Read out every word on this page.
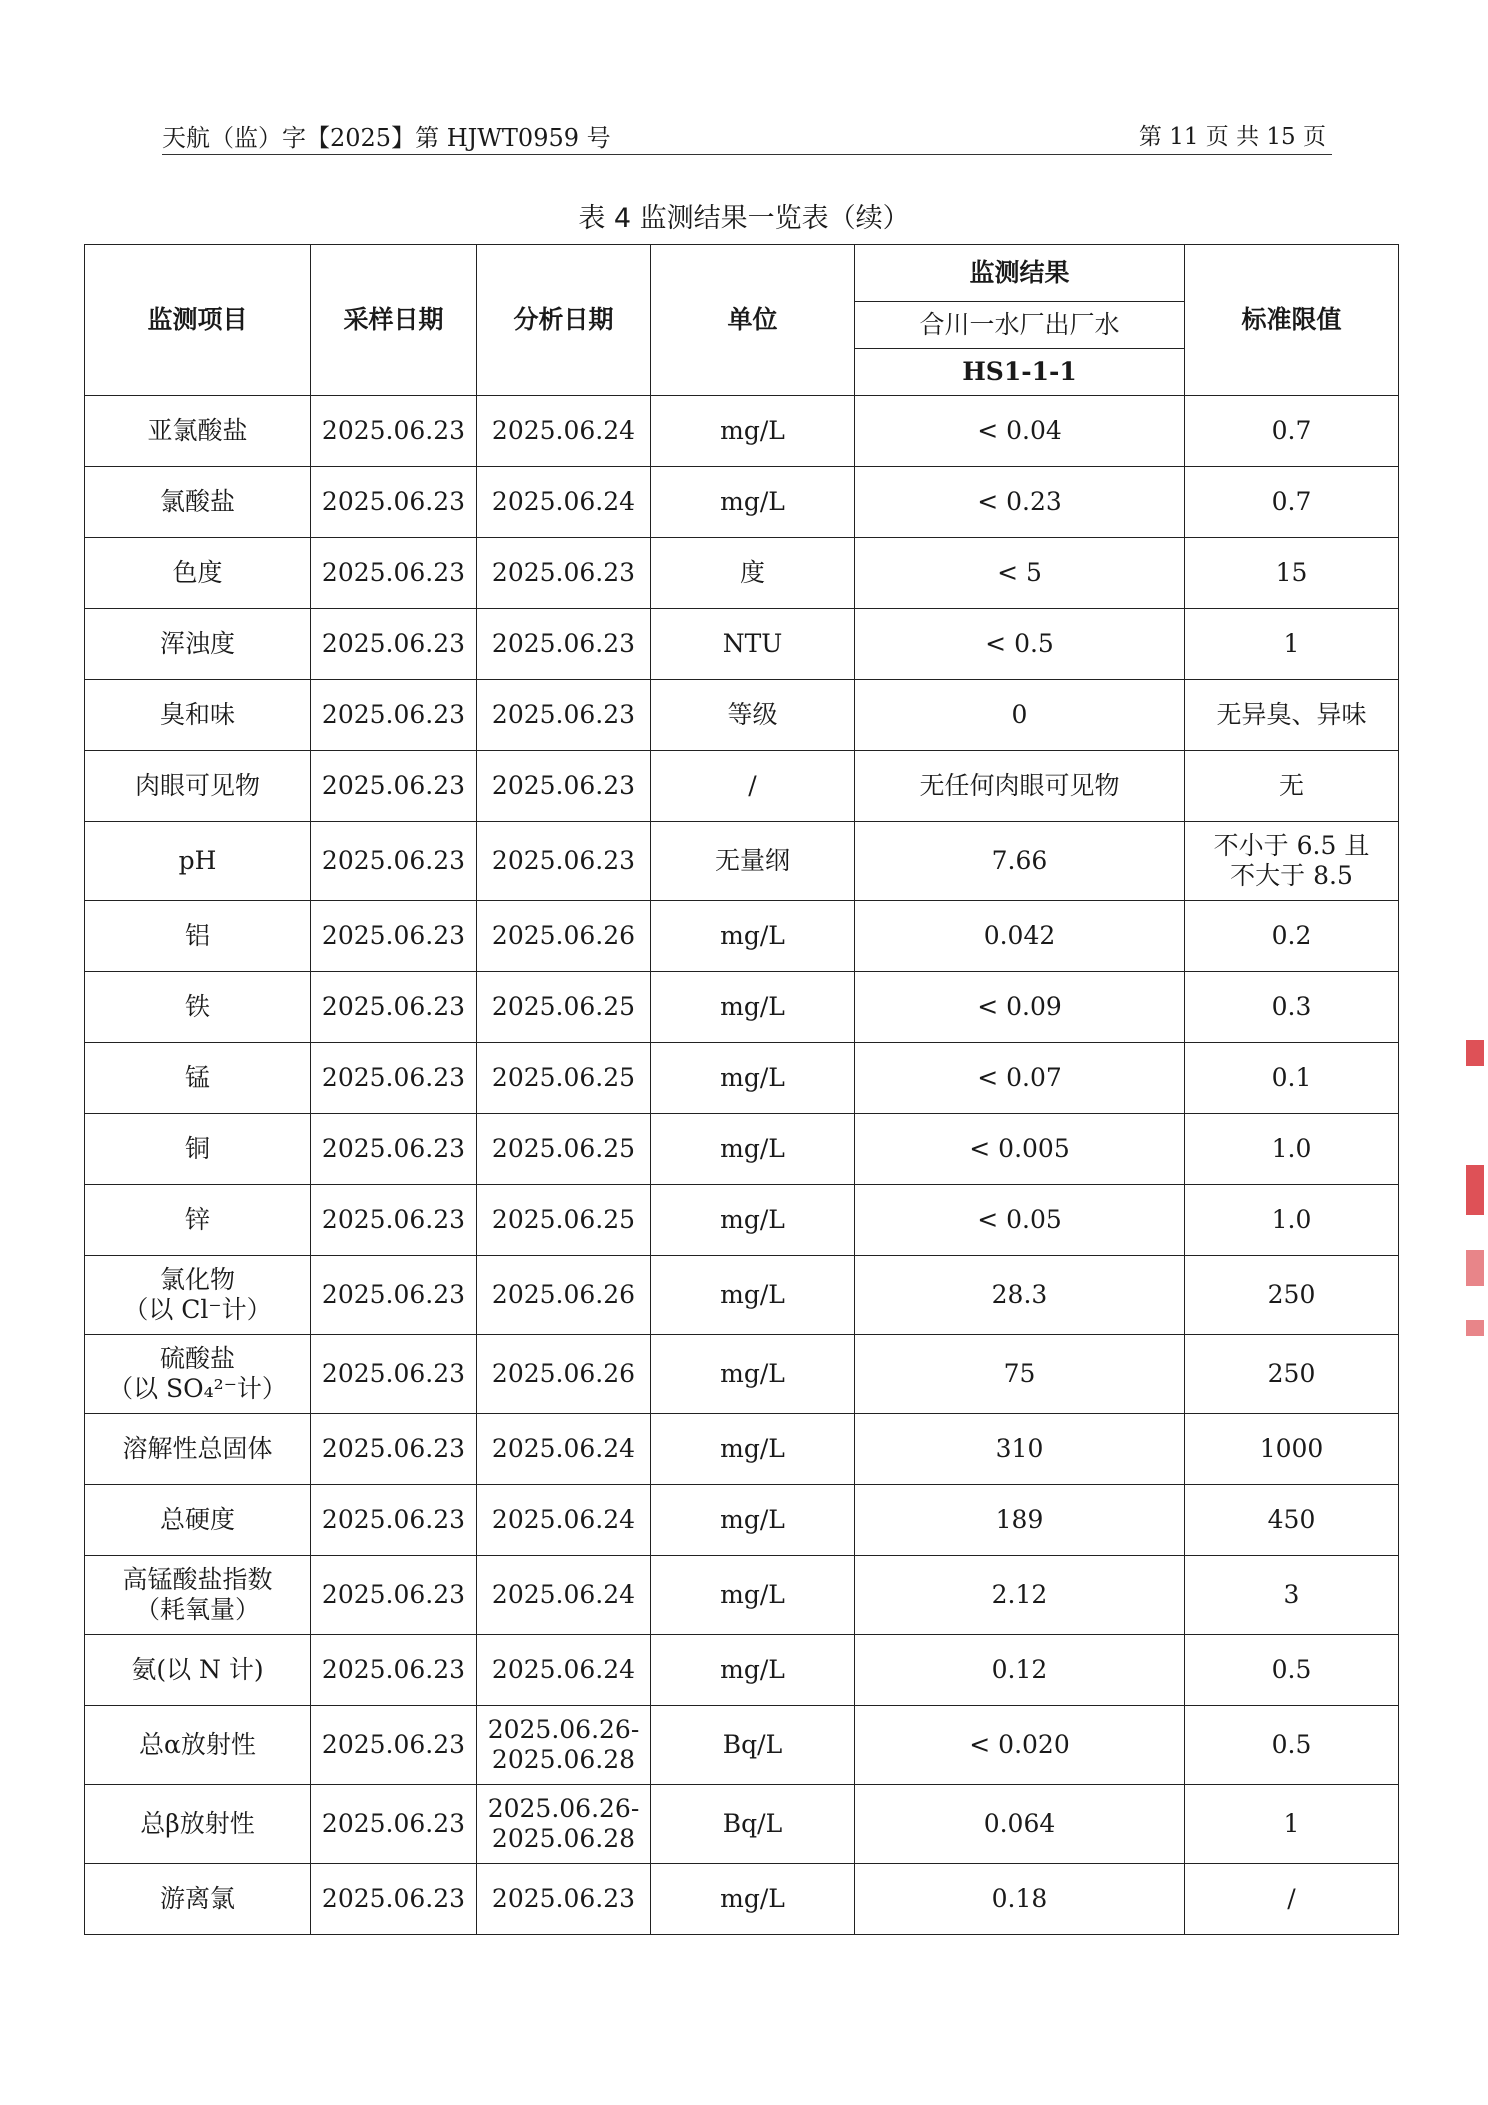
天航（监）字【2025】第 HJWT0959 号	第 11 页 共 15 页
表 4 监测结果一览表（续）
监测项目	采样日期	分析日期	单位	监测结果	标准限值
				合川一水厂出厂水	
				HS1-1-1	

亚氯酸盐	2025.06.23	2025.06.24	mg/L	< 0.04	0.7

氯酸盐	2025.06.23	2025.06.24	mg/L	< 0.23	0.7

色度	2025.06.23	2025.06.23	度	< 5	15

浑浊度	2025.06.23	2025.06.23	NTU	< 0.5	1

臭和味	2025.06.23	2025.06.23	等级	0	无异臭、异味

肉眼可见物	2025.06.23	2025.06.23	/	无任何肉眼可见物	无

pH	2025.06.23	2025.06.23	无量纲	7.66	不小于 6.5 且
不大于 8.5

铝	2025.06.23	2025.06.26	mg/L	0.042	0.2

铁	2025.06.23	2025.06.25	mg/L	< 0.09	0.3

锰	2025.06.23	2025.06.25	mg/L	< 0.07	0.1

铜	2025.06.23	2025.06.25	mg/L	< 0.005	1.0

锌	2025.06.23	2025.06.25	mg/L	< 0.05	1.0

氯化物
（以 Cl⁻计）	2025.06.23	2025.06.26	mg/L	28.3	250

硫酸盐
（以 SO₄²⁻计）	2025.06.23	2025.06.26	mg/L	75	250

溶解性总固体	2025.06.23	2025.06.24	mg/L	310	1000

总硬度	2025.06.23	2025.06.24	mg/L	189	450

高锰酸盐指数
（耗氧量）	2025.06.23	2025.06.24	mg/L	2.12	3

氨(以 N 计)	2025.06.23	2025.06.24	mg/L	0.12	0.5

总α放射性	2025.06.23	2025.06.26-
2025.06.28	Bq/L	< 0.020	0.5

总β放射性	2025.06.23	2025.06.26-
2025.06.28	Bq/L	0.064	1

游离氯	2025.06.23	2025.06.23	mg/L	0.18	/
